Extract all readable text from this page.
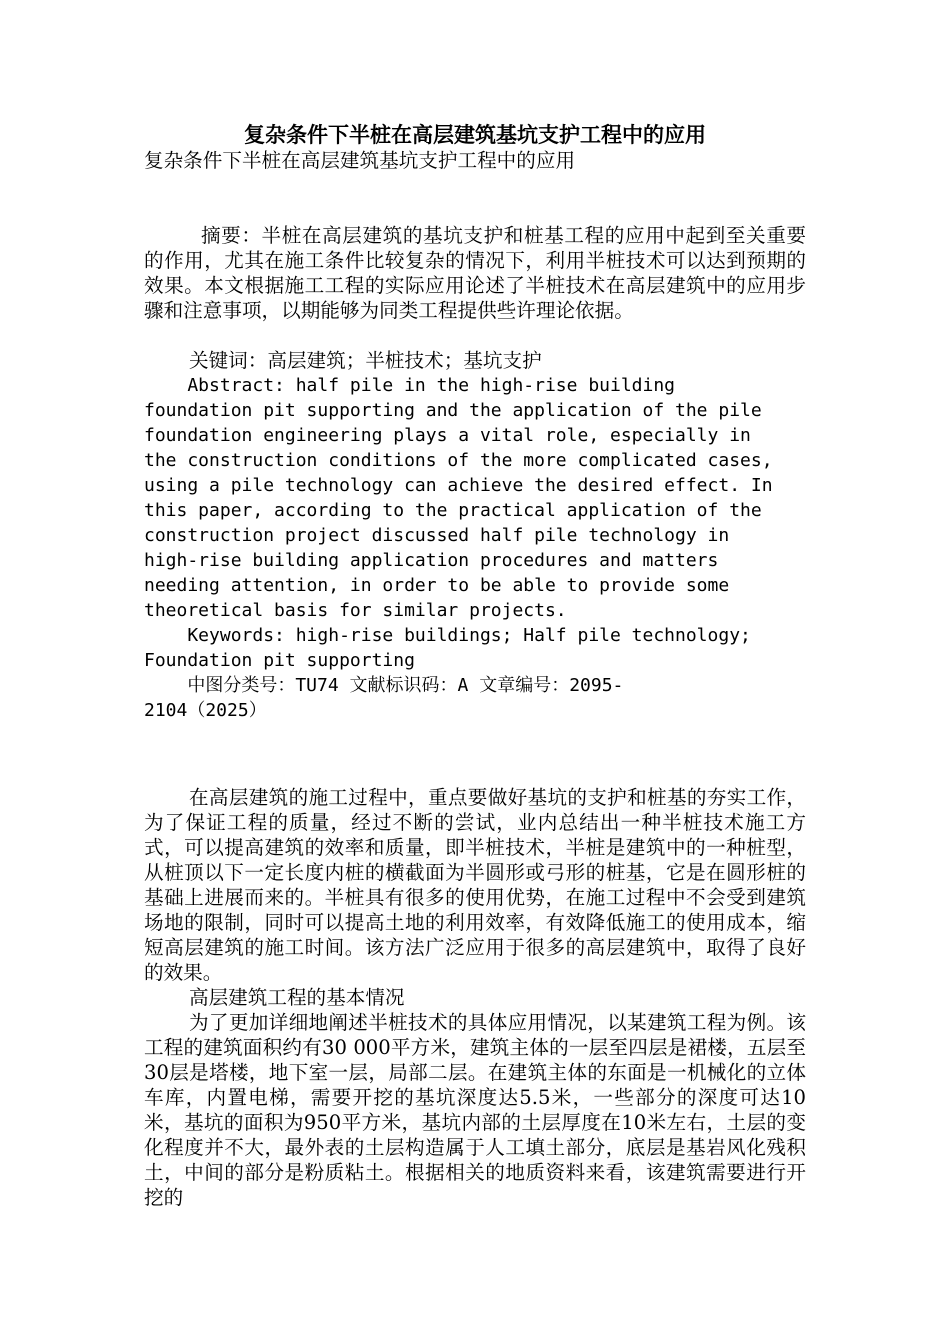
复杂条件下半桩在高层建筑基坑支护工程中的应用

复杂条件下半桩在高层建筑基坑支护工程中的应用

摘要：半桩在高层建筑的基坑支护和桩基工程的应用中起到至关重要的作用，尤其在施工条件比较复杂的情况下，利用半桩技术可以达到预期的效果。本文根据施工工程的实际应用论述了半桩技术在高层建筑中的应用步骤和注意事项，以期能够为同类工程提供些许理论依据。

关键词：高层建筑；半桩技术；基坑支护

Abstract: half pile in the high-rise building
foundation pit supporting and the application of the pile
foundation engineering plays a vital role, especially in
the construction conditions of the more complicated cases,
using a pile technology can achieve the desired effect. In
this paper, according to the practical application of the
construction project discussed half pile technology in
high-rise building application procedures and matters
needing attention, in order to be able to provide some
theoretical basis for similar projects.
Keywords: high-rise buildings; Half pile technology;
Foundation pit supporting
中图分类号：TU74 文献标识码：A 文章编号：2095-
2104（2025）

在高层建筑的施工过程中，重点要做好基坑的支护和桩基的夯实工作，为了保证工程的质量，经过不断的尝试，业内总结出一种半桩技术施工方式，可以提高建筑的效率和质量，即半桩技术，半桩是建筑中的一种桩型，从桩顶以下一定长度内桩的横截面为半圆形或弓形的桩基，它是在圆形桩的基础上进展而来的。半桩具有很多的使用优势，在施工过程中不会受到建筑场地的限制，同时可以提高土地的利用效率，有效降低施工的使用成本，缩短高层建筑的施工时间。该方法广泛应用于很多的高层建筑中，取得了良好的效果。

高层建筑工程的基本情况

为了更加详细地阐述半桩技术的具体应用情况，以某建筑工程为例。该工程的建筑面积约有30 000平方米，建筑主体的一层至四层是裙楼，五层至30层是塔楼，地下室一层，局部二层。在建筑主体的东面是一机械化的立体车库，内置电梯，需要开挖的基坑深度达5.5米，一些部分的深度可达10米，基坑的面积为950平方米，基坑内部的土层厚度在10米左右，土层的变化程度并不大，最外表的土层构造属于人工填土部分，底层是基岩风化残积土，中间的部分是粉质粘土。根据相关的地质资料来看，该建筑需要进行开挖的
